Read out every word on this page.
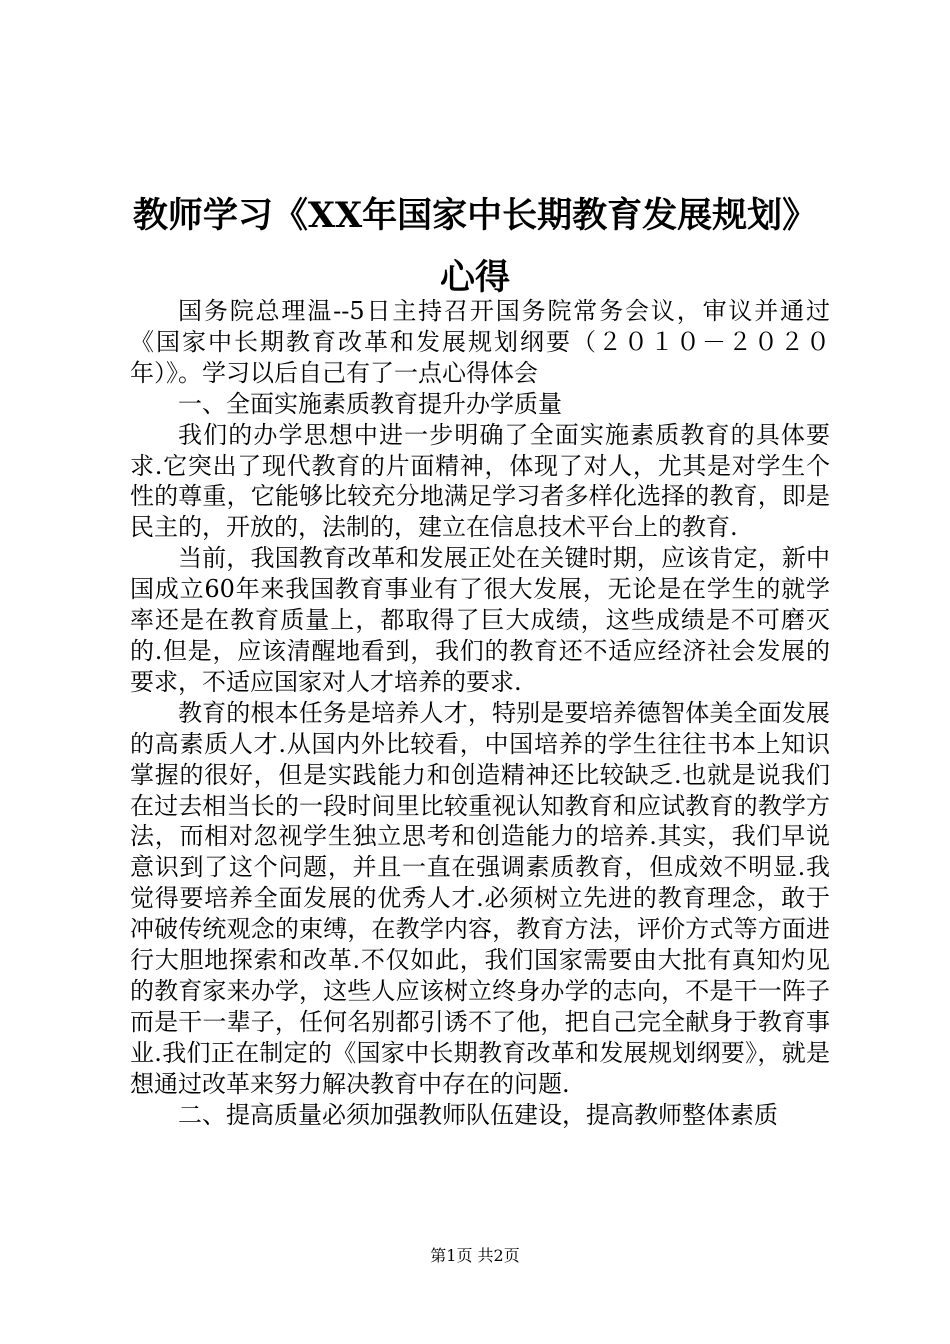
教师学习《XX年国家中长期教育发展规划》
心得

国务院总理温--5日主持召开国务院常务会议，审议并通过《国家中长期教育改革和发展规划纲要（２０１０－２０２０年）》。学习以后自己有了一点心得体会

一、全面实施素质教育提升办学质量

我们的办学思想中进一步明确了全面实施素质教育的具体要求.它突出了现代教育的片面精神，体现了对人，尤其是对学生个性的尊重，它能够比较充分地满足学习者多样化选择的教育，即是民主的，开放的，法制的，建立在信息技术平台上的教育.

当前，我国教育改革和发展正处在关键时期，应该肯定，新中国成立60年来我国教育事业有了很大发展，无论是在学生的就学率还是在教育质量上，都取得了巨大成绩，这些成绩是不可磨灭的.但是，应该清醒地看到，我们的教育还不适应经济社会发展的要求，不适应国家对人才培养的要求.

教育的根本任务是培养人才，特别是要培养德智体美全面发展的高素质人才.从国内外比较看，中国培养的学生往往书本上知识掌握的很好，但是实践能力和创造精神还比较缺乏.也就是说我们在过去相当长的一段时间里比较重视认知教育和应试教育的教学方法，而相对忽视学生独立思考和创造能力的培养.其实，我们早说意识到了这个问题，并且一直在强调素质教育，但成效不明显.我觉得要培养全面发展的优秀人才.必须树立先进的教育理念，敢于冲破传统观念的束缚，在教学内容，教育方法，评价方式等方面进行大胆地探索和改革.不仅如此，我们国家需要由大批有真知灼见的教育家来办学，这些人应该树立终身办学的志向，不是干一阵子而是干一辈子，任何名别都引诱不了他，把自己完全献身于教育事业.我们正在制定的《国家中长期教育改革和发展规划纲要》，就是想通过改革来努力解决教育中存在的问题.

二、提高质量必须加强教师队伍建设，提高教师整体素质

第1页 共2页
